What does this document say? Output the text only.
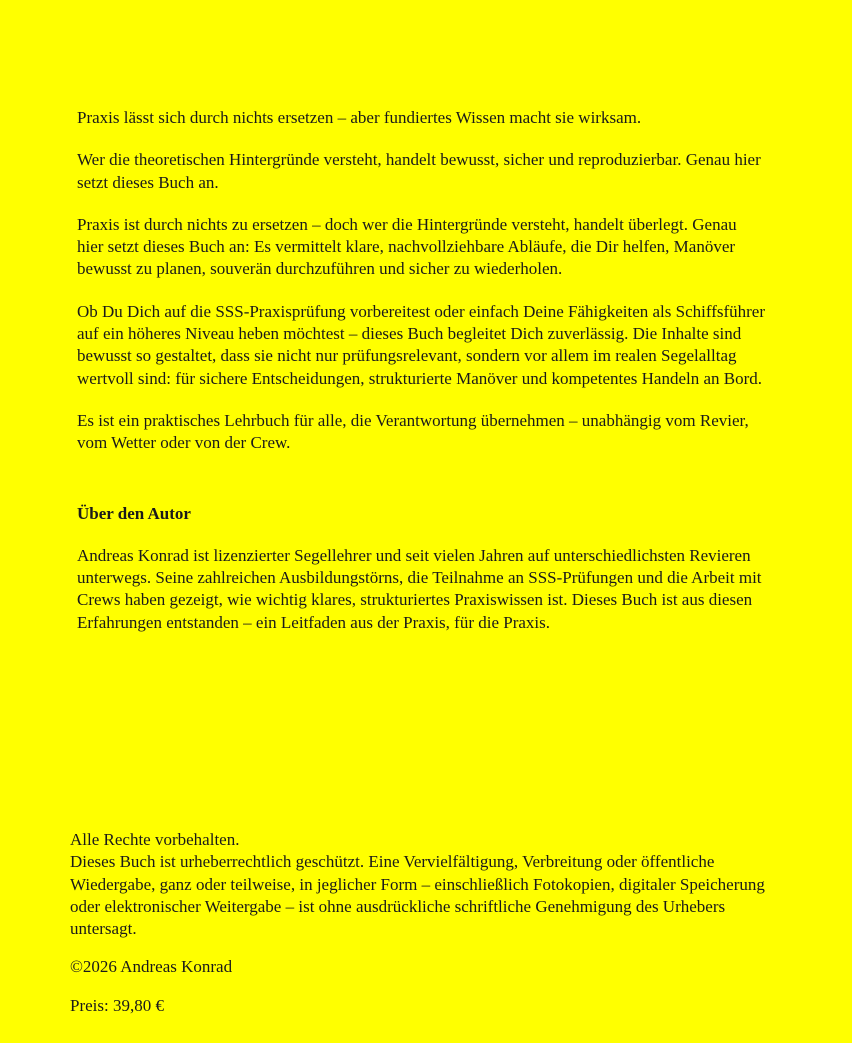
Praxis lässt sich durch nichts ersetzen – aber fundiertes Wissen macht sie wirksam.

Wer die theoretischen Hintergründe versteht, handelt bewusst, sicher und reproduzierbar. Genau hier setzt dieses Buch an.

Praxis ist durch nichts zu ersetzen – doch wer die Hintergründe versteht, handelt überlegt. Genau hier setzt dieses Buch an: Es vermittelt klare, nachvollziehbare Abläufe, die Dir helfen, Manöver bewusst zu planen, souverän durchzuführen und sicher zu wiederholen.

Ob Du Dich auf die SSS-Praxisprüfung vorbereitest oder einfach Deine Fähigkeiten als Schiffsführer auf ein höheres Niveau heben möchtest – dieses Buch begleitet Dich zuverlässig. Die Inhalte sind bewusst so gestaltet, dass sie nicht nur prüfungsrelevant, sondern vor allem im realen Segelalltag wertvoll sind: für sichere Entscheidungen, strukturierte Manöver und kompetentes Handeln an Bord.

Es ist ein praktisches Lehrbuch für alle, die Verantwortung übernehmen – unabhängig vom Revier, vom Wetter oder von der Crew.

Über den Autor

Andreas Konrad ist lizenzierter Segellehrer und seit vielen Jahren auf unterschiedlichsten Revieren unterwegs. Seine zahlreichen Ausbildungstörns, die Teilnahme an SSS-Prüfungen und die Arbeit mit Crews haben gezeigt, wie wichtig klares, strukturiertes Praxiswissen ist. Dieses Buch ist aus diesen Erfahrungen entstanden – ein Leitfaden aus der Praxis, für die Praxis.

Alle Rechte vorbehalten.
Dieses Buch ist urheberrechtlich geschützt. Eine Vervielfältigung, Verbreitung oder öffentliche Wiedergabe, ganz oder teilweise, in jeglicher Form – einschließlich Fotokopien, digitaler Speicherung oder elektronischer Weitergabe – ist ohne ausdrückliche schriftliche Genehmigung des Urhebers untersagt.

©2026 Andreas Konrad

Preis: 39,80 €
